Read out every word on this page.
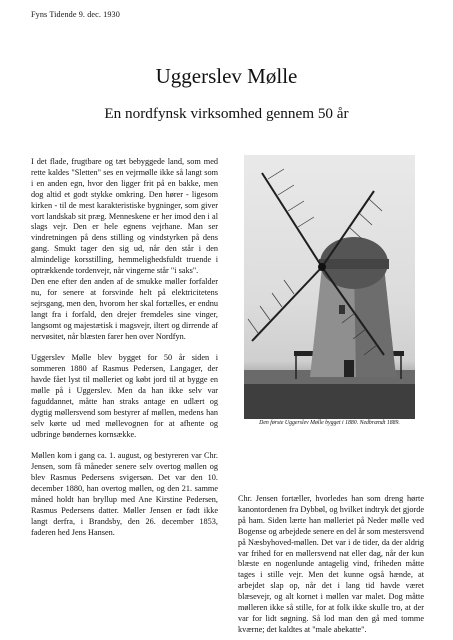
Fyns Tidende 9. dec. 1930
Uggerslev Mølle
En nordfynsk virksomhed gennem 50 år

I det flade, frugtbare og tæt bebyggede land, som med rette kaldes "Sletten" ses en vejrmølle ikke så langt som i en anden egn, hvor den ligger frit på en bakke, men dog altid et godt stykke omkring. Den hører - ligesom kirken - til de mest karakteristiske bygninger, som giver vort landskab sit præg. Menneskene er her imod den i al slags vejr. Den er hele egnens vejrhane. Man ser vindretningen på dens stilling og vindstyrken på dens gang. Smukt tager den sig ud, når den står i den almindelige korsstilling, hemmelighedsfuldt truende i optrækkende tordenvejr, når vingerne står "i saks".

Den ene efter den anden af de smukke møller forfalder nu, for senere at forsvinde helt på elektricitetens sejrsgang, men den, hvorom her skal fortælles, er endnu langt fra i forfald, den drejer fremdeles sine vinger, langsomt og majestætisk i magsvejr, iltert og dirrende af nervøsitet, når blæsten farer hen over Nordfyn.

Uggerslev Mølle blev bygget for 50 år siden i sommeren 1880 af Rasmus Pedersen, Langager, der havde fået lyst til mølleriet og købt jord til at bygge en mølle på i Uggerslev. Men da han ikke selv var faguddannet, måtte han straks antage en udlært og dygtig møllersvend som bestyrer af møllen, medens han selv kørte ud med møllevognen for at afhente og udbringe bøndernes kornsække.

Møllen kom i gang ca. 1. august, og bestyreren var Chr. Jensen, som få måneder senere selv overtog møllen og blev Rasmus Pedersens svigersøn. Det var den 10. december 1880, han overtog møllen, og den 21. samme måned holdt han bryllup med Ane Kirstine Pedersen, Rasmus Pedersens datter. Møller Jensen er født ikke langt derfra, i Brandsby, den 26. december 1853, faderen hed Jens Hansen.

Den første Uggerslev Mølle bygget i 1880. Nedbrændt 1889.

Chr. Jensen fortæller, hvorledes han som dreng hørte kanontordenen fra Dybbøl, og hvilket indtryk det gjorde på ham. Siden lærte han mølleriet på Neder mølle ved Bogense og arbejdede senere en del år som mestersvend på Næsbyhoved-møllen. Det var i de tider, da der aldrig var frihed for en møllersvend nat eller dag, når der kun blæste en nogenlunde antagelig vind, friheden måtte tages i stille vejr. Men det kunne også hænde, at arbejdet slap op, når det i lang tid havde været blæsevejr, og alt kornet i møllen var malet. Dog måtte mølleren ikke så stille, for at folk ikke skulle tro, at der var for lidt søgning. Så lod man den gå med tomme kværne; det kaldtes at "male abekatte".
